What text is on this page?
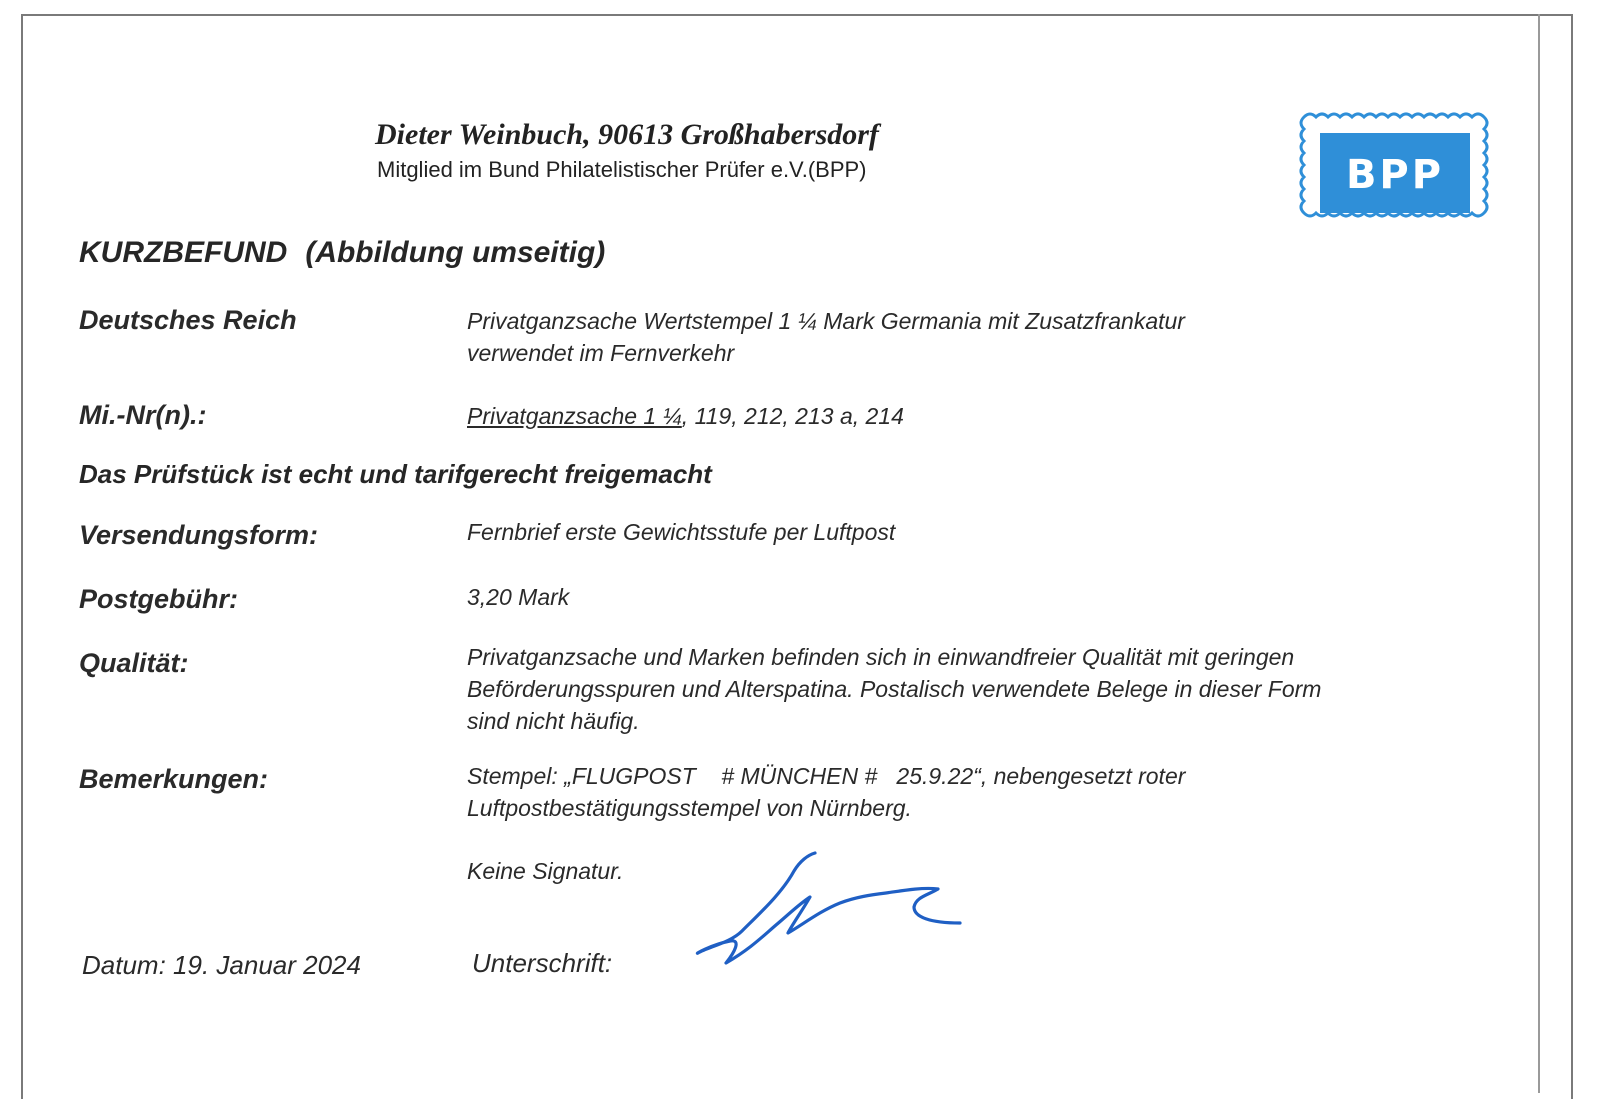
Dieter Weinbuch, 90613 Großhabersdorf
Mitglied im Bund Philatelistischer Prüfer e.V.(BPP)	BPP
KURZBEFUND (Abbildung umseitig)
Deutsches Reich	Privatganzsache Wertstempel 1 ¼ Mark Germania mit Zusatzfrankatur
verwendet im Fernverkehr
Mi.-Nr(n).:	Privatganzsache 1 ¼, 119, 212, 213 a, 214
Das Prüfstück ist echt und tarifgerecht freigemacht
Versendungsform:	Fernbrief erste Gewichtsstufe per Luftpost
Postgebühr:	3,20 Mark
Qualität:	Privatganzsache und Marken befinden sich in einwandfreier Qualität mit geringen
Beförderungsspuren und Alterspatina. Postalisch verwendete Belege in dieser Form
sind nicht häufig.
Bemerkungen:	Stempel: „FLUGPOST    # MÜNCHEN #   25.9.22“, nebengesetzt roter
Luftpostbestätigungsstempel von Nürnberg.
Keine Signatur.
Datum: 19. Januar 2024	Unterschrift:
